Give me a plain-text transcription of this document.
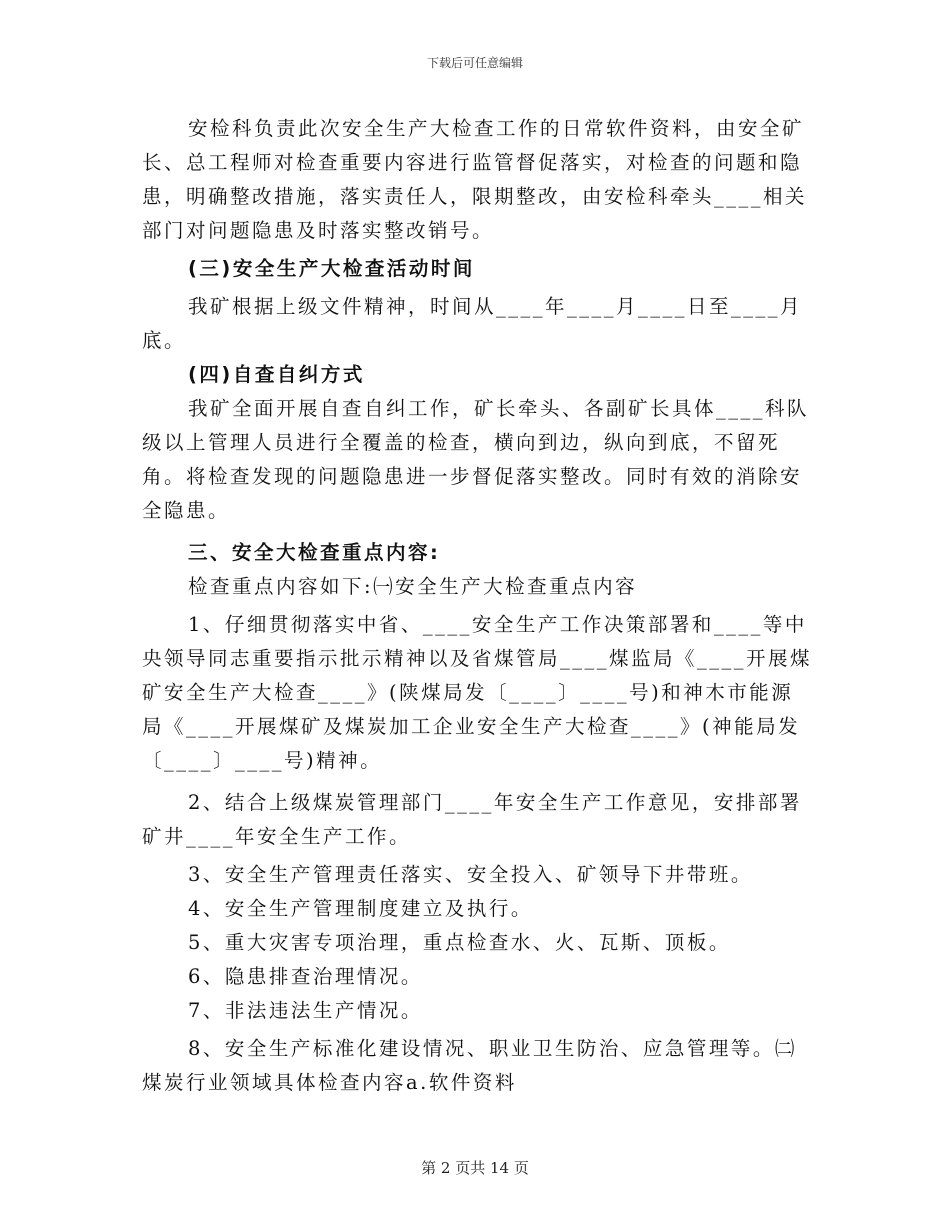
下载后可任意编辑

安检科负责此次安全生产大检查工作的日常软件资料，由安全矿长、总工程师对检查重要内容进行监管督促落实，对检查的问题和隐患，明确整改措施，落实责任人，限期整改，由安检科牵头____相关部门对问题隐患及时落实整改销号。

(三)安全生产大检查活动时间

我矿根据上级文件精神，时间从____年____月____日至____月底。

(四)自查自纠方式

我矿全面开展自查自纠工作，矿长牵头、各副矿长具体____科队级以上管理人员进行全覆盖的检查，横向到边，纵向到底，不留死角。将检查发现的问题隐患进一步督促落实整改。同时有效的消除安全隐患。

三、安全大检查重点内容:

检查重点内容如下:㈠安全生产大检查重点内容

1、仔细贯彻落实中省、____安全生产工作决策部署和____等中央领导同志重要指示批示精神以及省煤管局____煤监局《____开展煤矿安全生产大检查____》(陕煤局发〔____〕____号)和神木市能源局《____开展煤矿及煤炭加工企业安全生产大检查____》(神能局发〔____〕____号)精神。

2、结合上级煤炭管理部门____年安全生产工作意见，安排部署矿井____年安全生产工作。

3、安全生产管理责任落实、安全投入、矿领导下井带班。

4、安全生产管理制度建立及执行。

5、重大灾害专项治理，重点检查水、火、瓦斯、顶板。

6、隐患排查治理情况。

7、非法违法生产情况。

8、安全生产标准化建设情况、职业卫生防治、应急管理等。㈡煤炭行业领域具体检查内容a.软件资料

第 2 页共 14 页
